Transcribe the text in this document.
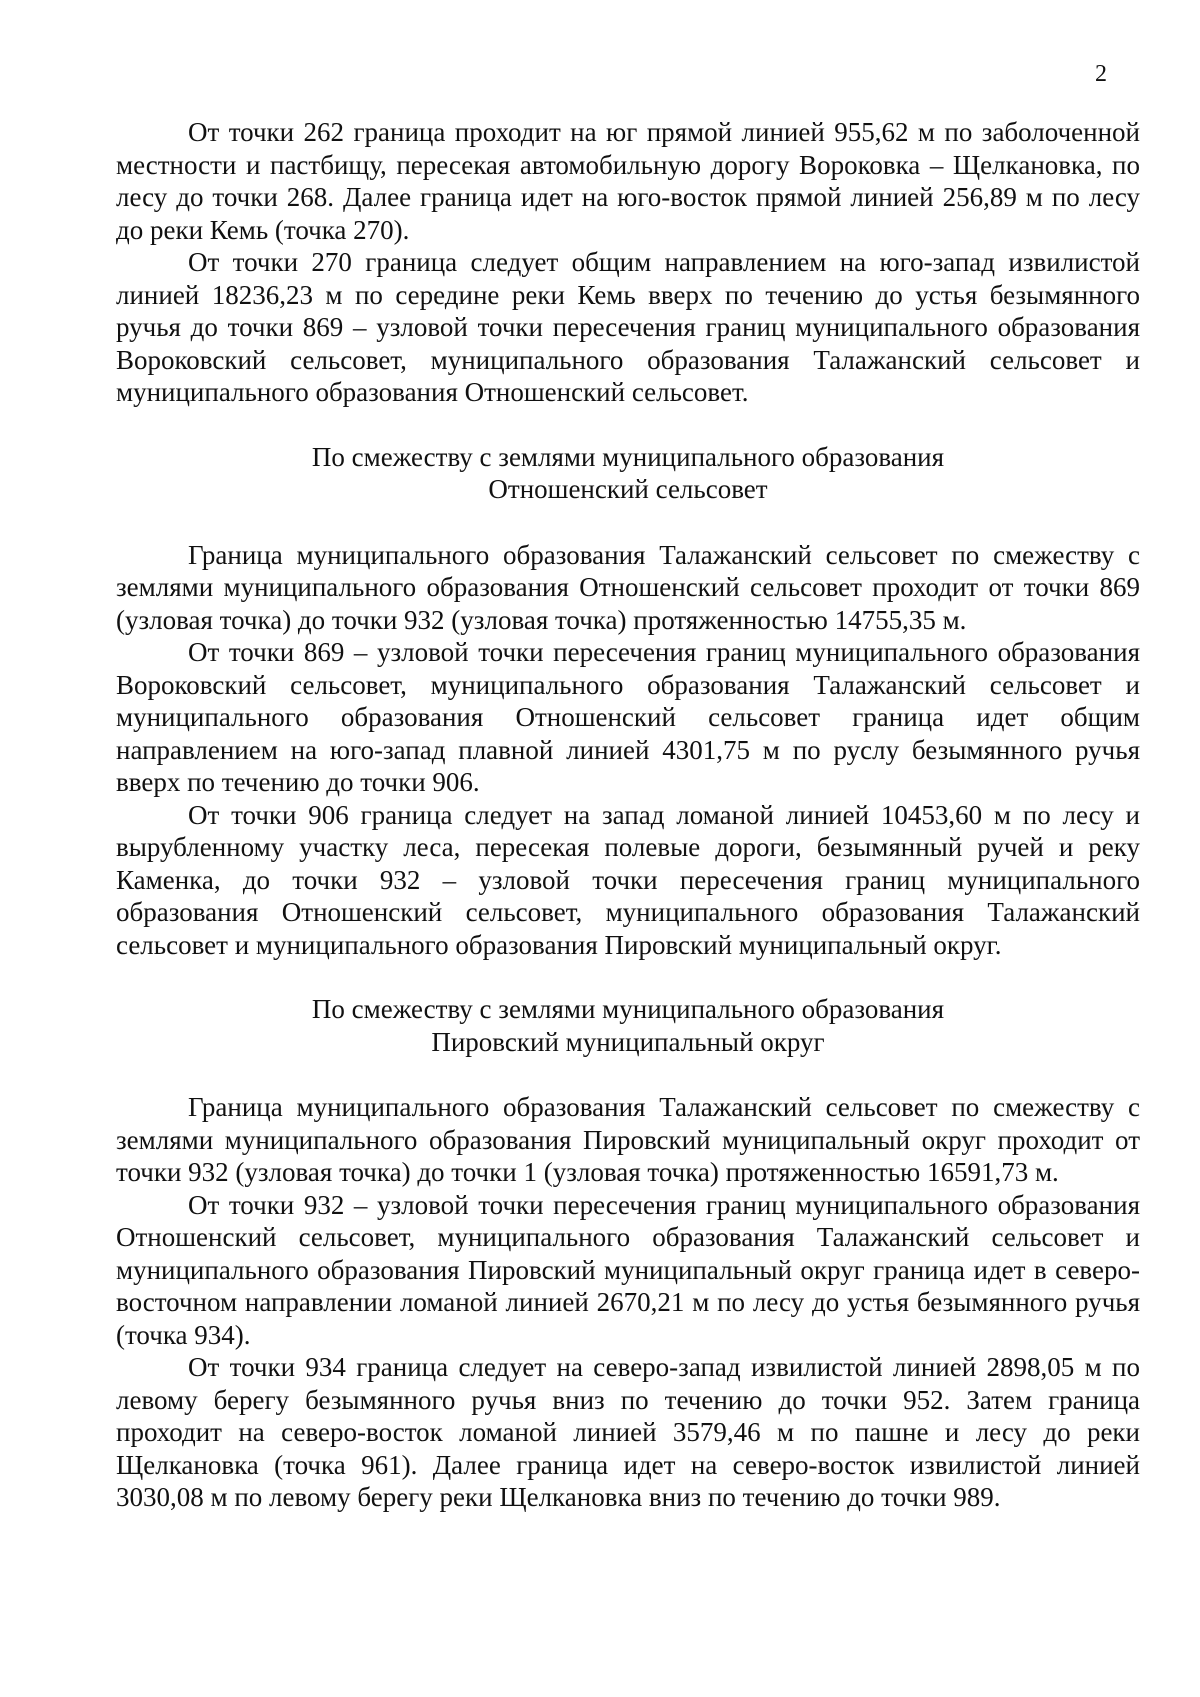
2

От точки 262 граница проходит на юг прямой линией 955,62 м по заболоченной местности и пастбищу, пересекая автомобильную дорогу Вороковка – Щелкановка, по лесу до точки 268. Далее граница идет на юго-восток прямой линией 256,89 м по лесу до реки Кемь (точка 270).

От точки 270 граница следует общим направлением на юго-запад извилистой линией 18236,23 м по середине реки Кемь вверх по течению до устья безымянного ручья до точки 869 – узловой точки пересечения границ муниципального образования Вороковский сельсовет, муниципального образования Талажанский сельсовет и муниципального образования Отношенский сельсовет.

По смежеству с землями муниципального образования
Отношенский сельсовет

Граница муниципального образования Талажанский сельсовет по смежеству с землями муниципального образования Отношенский сельсовет проходит от точки 869 (узловая точка) до точки 932 (узловая точка) протяженностью 14755,35 м.

От точки 869 – узловой точки пересечения границ муниципального образования Вороковский сельсовет, муниципального образования Талажанский сельсовет и муниципального образования Отношенский сельсовет граница идет общим направлением на юго-запад плавной линией 4301,75 м по руслу безымянного ручья вверх по течению до точки 906.

От точки 906 граница следует на запад ломаной линией 10453,60 м по лесу и вырубленному участку леса, пересекая полевые дороги, безымянный ручей и реку Каменка, до точки 932 – узловой точки пересечения границ муниципального образования Отношенский сельсовет, муниципального образования Талажанский сельсовет и муниципального образования Пировский муниципальный округ.

По смежеству с землями муниципального образования
Пировский муниципальный округ

Граница муниципального образования Талажанский сельсовет по смежеству с землями муниципального образования Пировский муниципальный округ проходит от точки 932 (узловая точка) до точки 1 (узловая точка) протяженностью 16591,73 м.

От точки 932 – узловой точки пересечения границ муниципального образования Отношенский сельсовет, муниципального образования Талажанский сельсовет и муниципального образования Пировский муниципальный округ граница идет в северо-восточном направлении ломаной линией 2670,21 м по лесу до устья безымянного ручья (точка 934).

От точки 934 граница следует на северо-запад извилистой линией 2898,05 м по левому берегу безымянного ручья вниз по течению до точки 952. Затем граница проходит на северо-восток ломаной линией 3579,46 м по пашне и лесу до реки Щелкановка (точка 961). Далее граница идет на северо-восток извилистой линией 3030,08 м по левому берегу реки Щелкановка вниз по течению до точки 989.
